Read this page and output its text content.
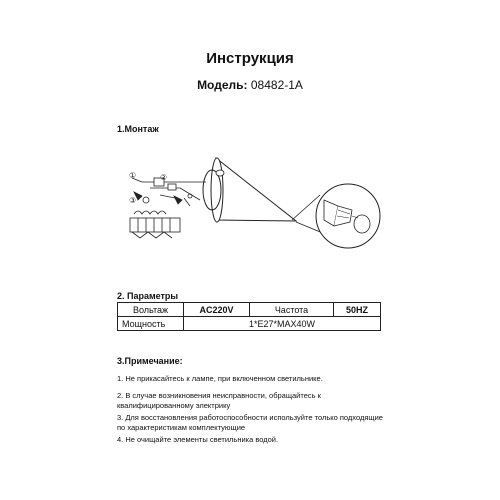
Инструкция
Модель: 08482-1A
1.Монтаж
①	②
③
2. Параметры
Вольтаж	AC220V	Частота	50HZ
Мощность	1*E27*MAX40W		
3.Примечание:
1. Не прикасайтесь к лампе, при включенном светильнике.
2. В случае возникновения неисправности, обращайтесь к квалифицированному электрику
3. Для восстановления работоспособности используйте только подходящие по характеристикам комплектующие
4. Не очищайте элементы светильника водой.
